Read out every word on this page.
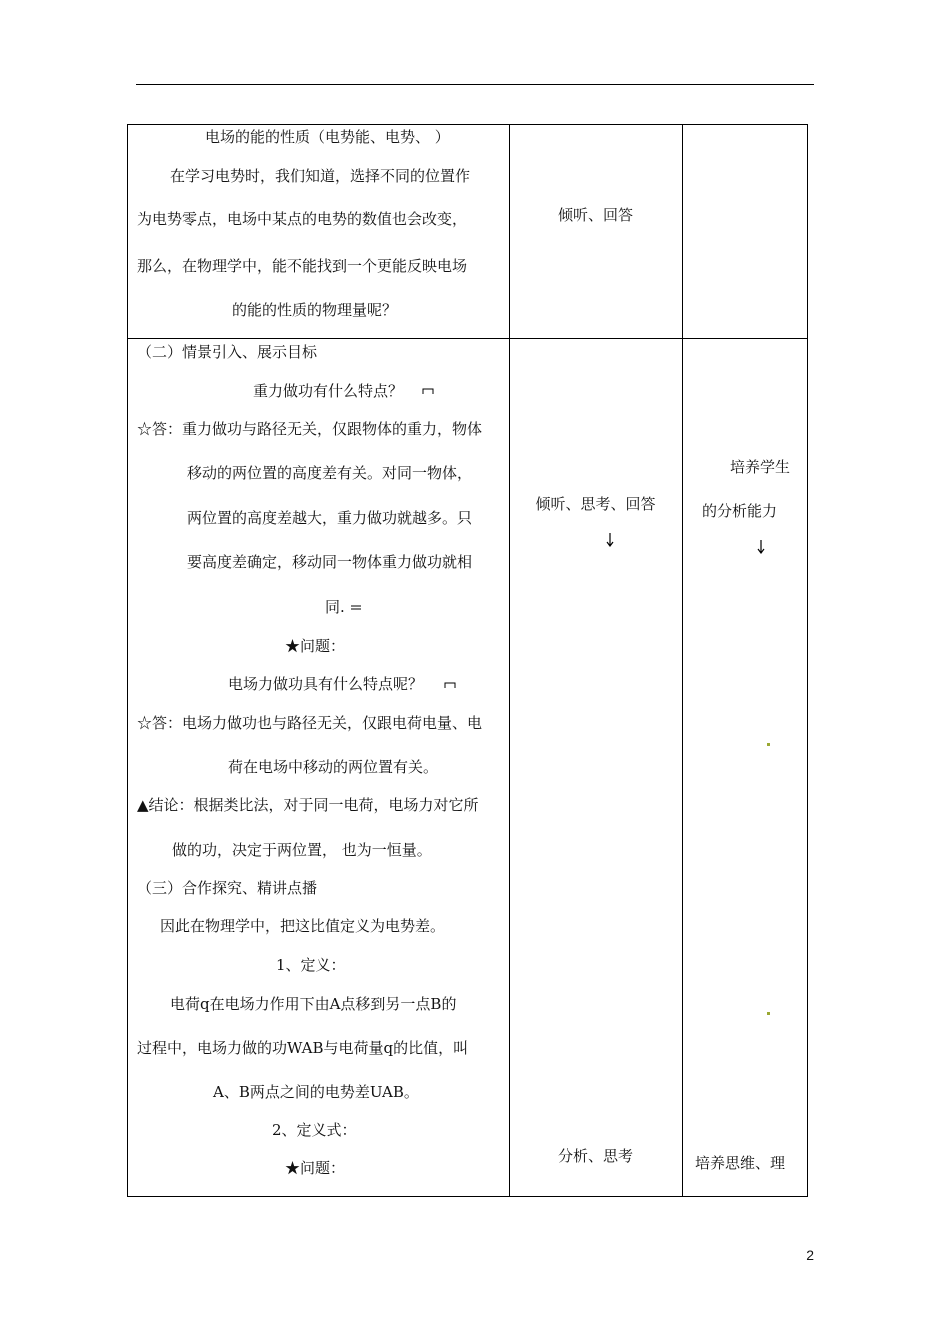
电场的能的性质（电势能、电势、 ）
在学习电势时，我们知道，选择不同的位置作
为电势零点，电场中某点的电势的数值也会改变，
那么，在物理学中，能不能找到一个更能反映电场
的能的性质的物理量呢？
倾听、回答
（二）情景引入、展示目标
重力做功有什么特点？
☆答：重力做功与路径无关，仅跟物体的重力，物体
移动的两位置的高度差有关。对同一物体，
两位置的高度差越大，重力做功就越多。只
要高度差确定，移动同一物体重力做功就相
同.
★问题：
电场力做功具有什么特点呢？
☆答：电场力做功也与路径无关，仅跟电荷电量、电
荷在电场中移动的两位置有关。
▲结论：根据类比法，对于同一电荷，电场力对它所
做的功，决定于两位置， 也为一恒量。
（三）合作探究、精讲点播
因此在物理学中，把这比值定义为电势差。
1、定义：
电荷q在电场力作用下由A点移到另一点B的
过程中，电场力做的功WAB与电荷量q的比值，叫
A、B两点之间的电势差UAB。
2、定义式：
★问题：
倾听、思考、回答
分析、思考
培养学生
的分析能力
培养思维、理
2
